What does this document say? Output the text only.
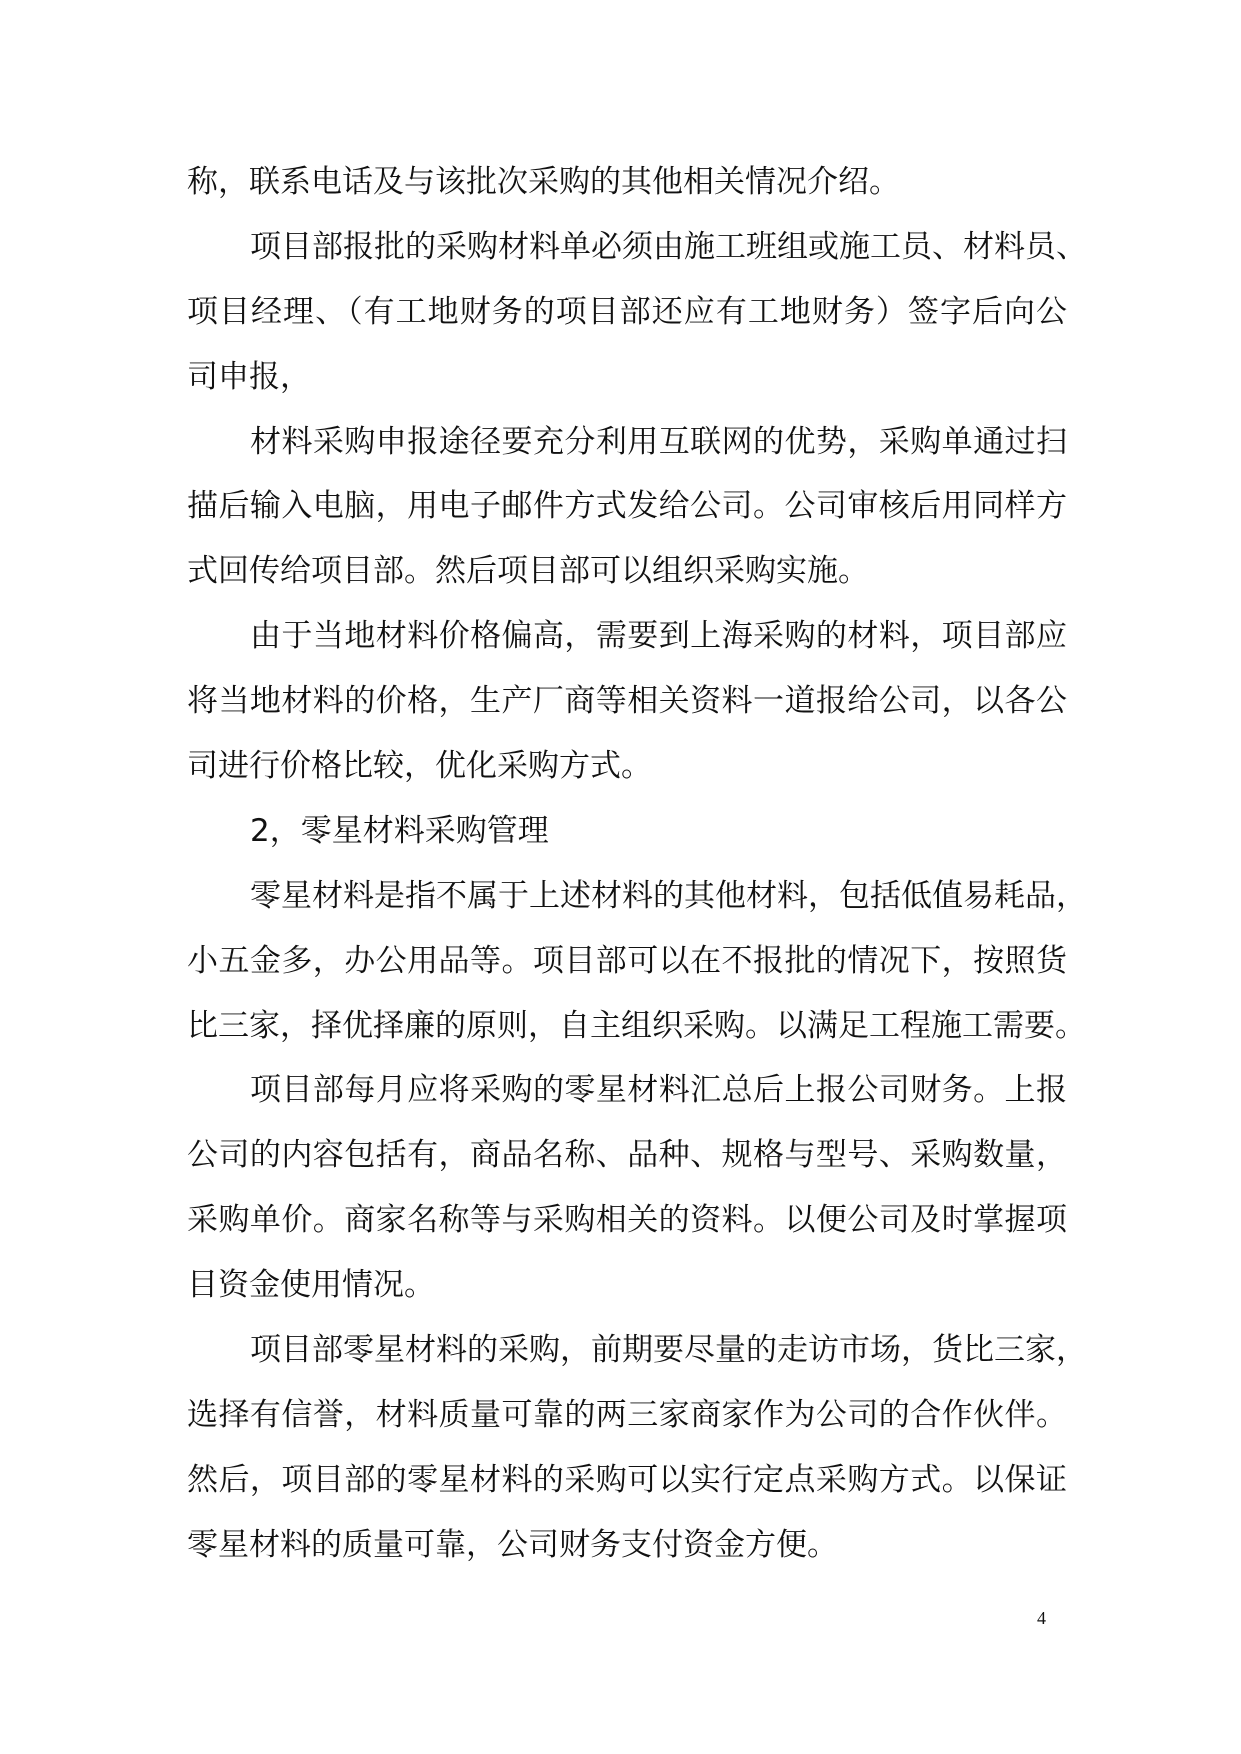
称，联系电话及与该批次采购的其他相关情况介绍。
项目部报批的采购材料单必须由施工班组或施工员、材料员、
项目经理、（有工地财务的项目部还应有工地财务）签字后向公
司申报，
材料采购申报途径要充分利用互联网的优势，采购单通过扫
描后输入电脑，用电子邮件方式发给公司。公司审核后用同样方
式回传给项目部。然后项目部可以组织采购实施。
由于当地材料价格偏高，需要到上海采购的材料，项目部应
将当地材料的价格，生产厂商等相关资料一道报给公司，以各公
司进行价格比较，优化采购方式。
2，零星材料采购管理
零星材料是指不属于上述材料的其他材料，包括低值易耗品，
小五金多，办公用品等。项目部可以在不报批的情况下，按照货
比三家，择优择廉的原则，自主组织采购。以满足工程施工需要。
项目部每月应将采购的零星材料汇总后上报公司财务。上报
公司的内容包括有，商品名称、品种、规格与型号、采购数量，
采购单价。商家名称等与采购相关的资料。以便公司及时掌握项
目资金使用情况。
项目部零星材料的采购，前期要尽量的走访市场，货比三家，
选择有信誉，材料质量可靠的两三家商家作为公司的合作伙伴。
然后，项目部的零星材料的采购可以实行定点采购方式。以保证
零星材料的质量可靠，公司财务支付资金方便。
4
